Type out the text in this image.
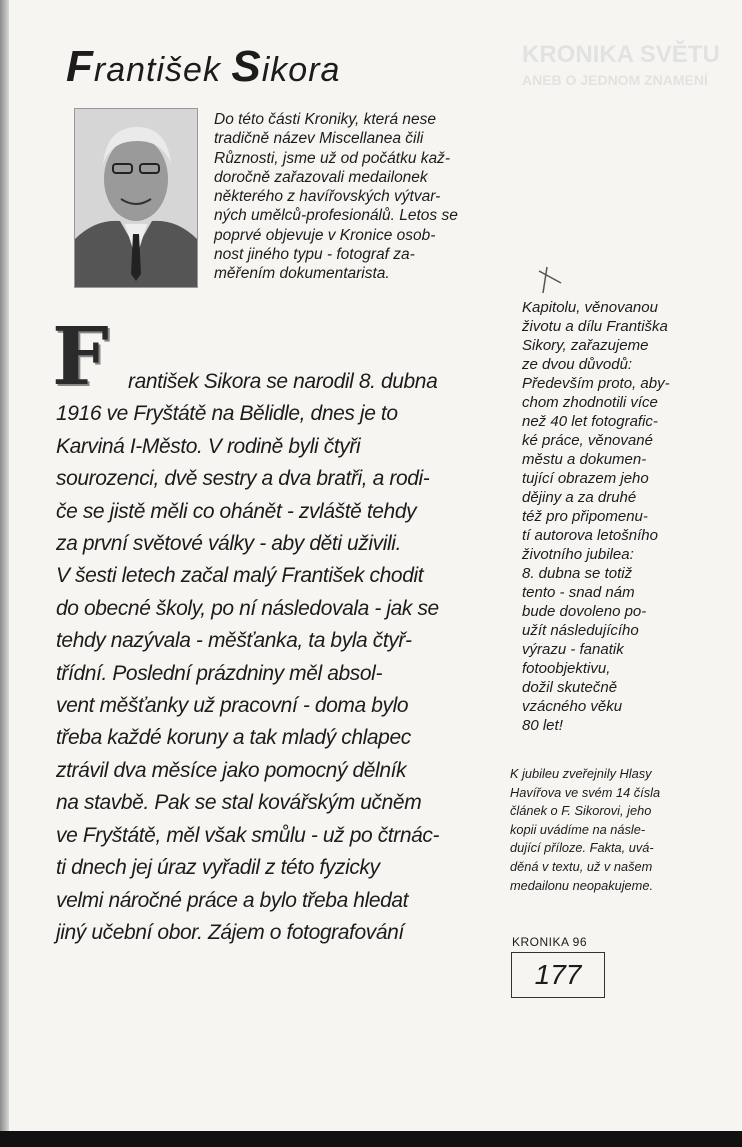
KRONIKA SVĚTU
ANEB O JEDNOM ZNAMENÍ
František Sikora
Do této části Kroniky, která nese
tradičně název Miscellanea čili
Různosti, jsme už od počátku kaž-
doročně zařazovali medailonek
některého z havířovských výtvar-
ných umělců-profesionálů. Letos se
poprvé objevuje v Kronice osob-
nost jiného typu - fotograf za-
měřením dokumentarista.
F rantišek Sikora se narodil 8. dubna

1916 ve Fryštátě na Bělidle, dnes je to
Karviná I-Město. V rodině byli čtyři
sourozenci, dvě sestry a dva bratři, a rodi-
če se jistě měli co ohánět - zvláště tehdy
za první světové války - aby děti uživili.
V šesti letech začal malý František chodit
do obecné školy, po ní následovala - jak se
tehdy nazývala - měšťanka, ta byla čtyř-
třídní. Poslední prázdniny měl absol-
vent měšťanky už pracovní - doma bylo
třeba každé koruny a tak mladý chlapec
ztrávil dva měsíce jako pomocný dělník
na stavbě. Pak se stal kovářským učněm
ve Fryštátě, měl však smůlu - už po čtrnác-
ti dnech jej úraz vyřadil z této fyzicky
velmi náročné práce a bylo třeba hledat
jiný učební obor. Zájem o fotografování
Kapitolu, věnovanou
životu a dílu Františka
Sikory, zařazujeme
ze dvou důvodů:
Především proto, aby-
chom zhodnotili více
než 40 let fotografic-
ké práce, věnované
městu a dokumen-
tující obrazem jeho
dějiny a za druhé
též pro připomenu-
tí autorova letošního
životního jubilea:
8. dubna se totiž
tento - snad nám
bude dovoleno po-
užít následujícího
výrazu - fanatik
fotoobjektivu,
dožil skutečně
vzácného věku
80 let!
K jubileu zveřejnily Hlasy
Havířova ve svém 14 čísla
článek o F. Sikorovi, jeho
kopii uvádíme na násle-
dující příloze. Fakta, uvá-
děná v textu, už v našem
medailonu neopakujeme.
KRONIKA 96
177
